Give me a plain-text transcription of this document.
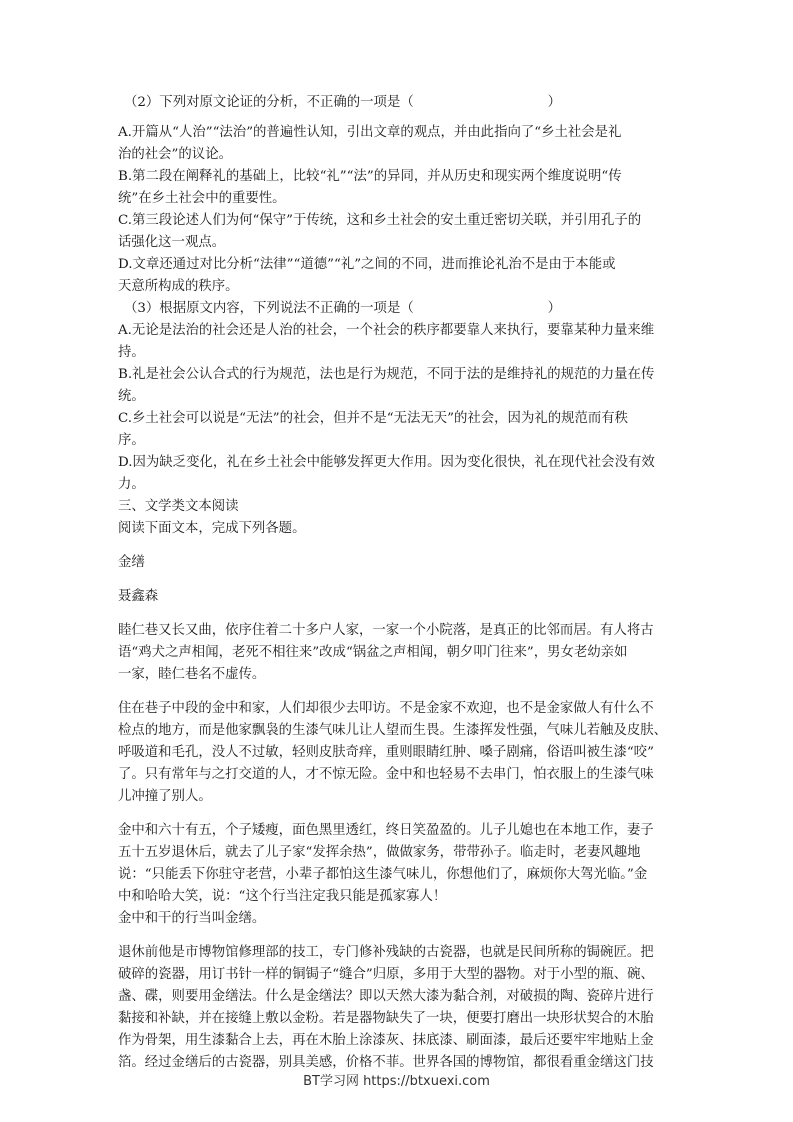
（2）下列对原文论证的分析，不正确的一项是（　　　　　　　　　　）

A.开篇从“人治”“法治”的普遍性认知，引出文章的观点，并由此指向了“乡土社会是礼

治的社会”的议论。

B.第二段在阐释礼的基础上，比较“礼”“法”的异同，并从历史和现实两个维度说明“传

统”在乡土社会中的重要性。

C.第三段论述人们为何“保守”于传统，这和乡土社会的安土重迁密切关联，并引用孔子的

话强化这一观点。

D.文章还通过对比分析“法律”“道德”“礼”之间的不同，进而推论礼治不是由于本能或

天意所构成的秩序。

（3）根据原文内容，下列说法不正确的一项是（　　　　　　　　　　）

A.无论是法治的社会还是人治的社会，一个社会的秩序都要靠人来执行，要靠某种力量来维

持。

B.礼是社会公认合式的行为规范，法也是行为规范，不同于法的是维持礼的规范的力量在传

统。

C.乡土社会可以说是“无法”的社会，但并不是“无法无天”的社会，因为礼的规范而有秩

序。

D.因为缺乏变化，礼在乡土社会中能够发挥更大作用。因为变化很快，礼在现代社会没有效

力。

三、文学类文本阅读

阅读下面文本，完成下列各题。

金缮

聂鑫森

睦仁巷又长又曲，依序住着二十多户人家，一家一个小院落，是真正的比邻而居。有人将古

语“鸡犬之声相闻，老死不相往来”改成“锅盆之声相闻，朝夕叩门往来”，男女老幼亲如

一家，睦仁巷名不虚传。

住在巷子中段的金中和家，人们却很少去叩访。不是金家不欢迎，也不是金家做人有什么不

检点的地方，而是他家飘袅的生漆气味儿让人望而生畏。生漆挥发性强，气味儿若触及皮肤、

呼吸道和毛孔，没人不过敏，轻则皮肤奇痒，重则眼睛红肿、嗓子剧痛，俗语叫被生漆“咬”

了。只有常年与之打交道的人，才不惊无险。金中和也轻易不去串门，怕衣服上的生漆气味

儿冲撞了别人。

金中和六十有五，个子矮瘦，面色黑里透红，终日笑盈盈的。儿子儿媳也在本地工作，妻子

五十五岁退休后，就去了儿子家“发挥余热”，做做家务，带带孙子。临走时，老妻风趣地

说：“只能丢下你驻守老营，小辈子都怕这生漆气味儿，你想他们了，麻烦你大驾光临。”金

中和哈哈大笑，说：“这个行当注定我只能是孤家寡人！

金中和干的行当叫金缮。

退休前他是市博物馆修理部的技工，专门修补残缺的古瓷器，也就是民间所称的锔碗匠。把

破碎的瓷器，用订书针一样的铜锔子“缝合”归原，多用于大型的器物。对于小型的瓶、碗、

盏、碟，则要用金缮法。什么是金缮法？即以天然大漆为黏合剂，对破损的陶、瓷碎片进行

黏接和补缺，并在接缝上敷以金粉。若是器物缺失了一块，便要打磨出一块形状契合的木胎

作为骨架，用生漆黏合上去，再在木胎上涂漆灰、抹底漆、刷面漆，最后还要牢牢地贴上金

箔。经过金缮后的古瓷器，别具美感，价格不菲。世界各国的博物馆，都很看重金缮这门技

BT学习网 https://btxuexi.com
